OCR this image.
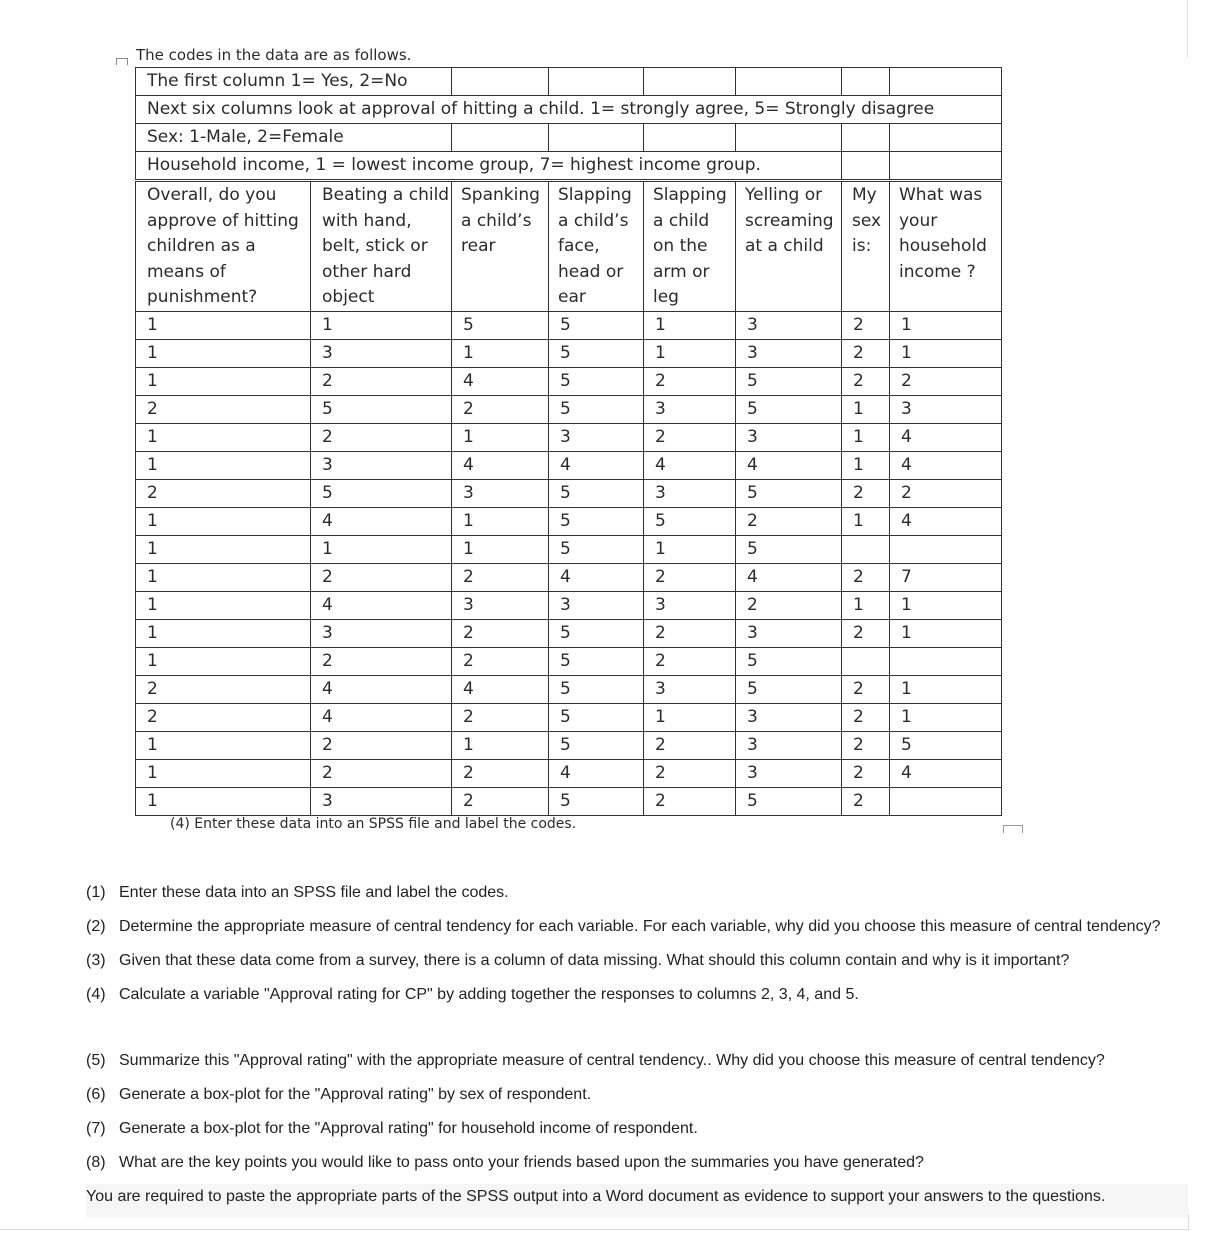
The codes in the data are as follows.
The first column 1= Yes, 2=No							
Next six columns look at approval of hitting a child. 1= strongly agree, 5= Strongly disagree							
Sex: 1-Male, 2=Female							
Household income, 1 = lowest income group, 7= highest income group.							

Overall, do you approve of hitting children as a means of punishment?	Beating a child with hand, belt, stick or other hard object	Spanking a child’s rear	Slapping a child’s face, head or ear	Slapping a child on the arm or leg	Yelling or screaming at a child	My sex is:	What was your household income ?
1	1	5	5	1	3	2	1
1	3	1	5	1	3	2	1
1	2	4	5	2	5	2	2
2	5	2	5	3	5	1	3
1	2	1	3	2	3	1	4
1	3	4	4	4	4	1	4
2	5	3	5	3	5	2	2
1	4	1	5	5	2	1	4
1	1	1	5	1	5		
1	2	2	4	2	4	2	7
1	4	3	3	3	2	1	1
1	3	2	5	2	3	2	1
1	2	2	5	2	5		
2	4	4	5	3	5	2	1
2	4	2	5	1	3	2	1
1	2	1	5	2	3	2	5
1	2	2	4	2	3	2	4
1	3	2	5	2	5	2	
(4) Enter these data into an SPSS file and label the codes.
(1) Enter these data into an SPSS file and label the codes.
(2) Determine the appropriate measure of central tendency for each variable. For each variable, why did you choose this measure of central tendency?
(3) Given that these data come from a survey, there is a column of data missing. What should this column contain and why is it important?
(4) Calculate a variable "Approval rating for CP" by adding together the responses to columns 2, 3, 4, and 5.
(5) Summarize this "Approval rating" with the appropriate measure of central tendency.. Why did you choose this measure of central tendency?
(6) Generate a box-plot for the "Approval rating" by sex of respondent.
(7) Generate a box-plot for the "Approval rating" for household income of respondent.
(8) What are the key points you would like to pass onto your friends based upon the summaries you have generated?
You are required to paste the appropriate parts of the SPSS output into a Word document as evidence to support your answers to the questions.
